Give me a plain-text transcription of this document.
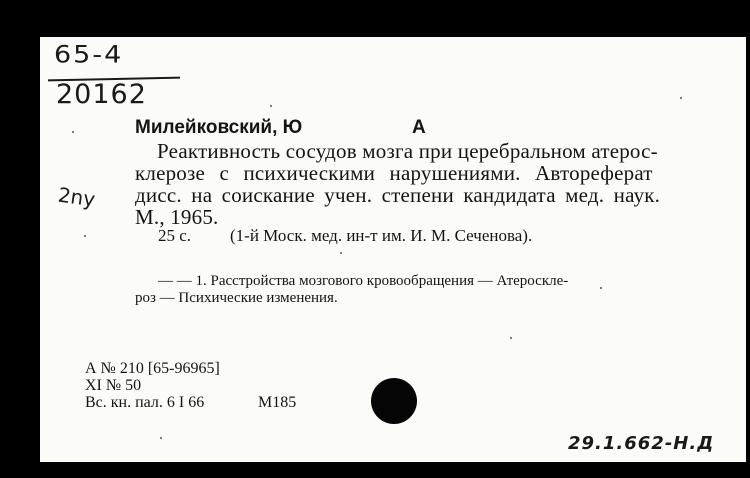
65-4
20162
2ny
Милейковский, Ю	А
Реактивность сосудов мозга при церебральном атерос-
клерозе с психическими нарушениями. Автореферат
дисс. на соискание учен. степени кандидата мед. наук.
М., 1965.
25 с. (1-й Моск. мед. ин-т им. И. М. Сеченова).
— — 1. Расстройства мозгового кровообращения — Атероскле-
роз — Психические изменения.
А № 210 [65-96965]
XI № 50
Вс. кн. пал. 6 I 66	М185
29.1.662-Н.Д
